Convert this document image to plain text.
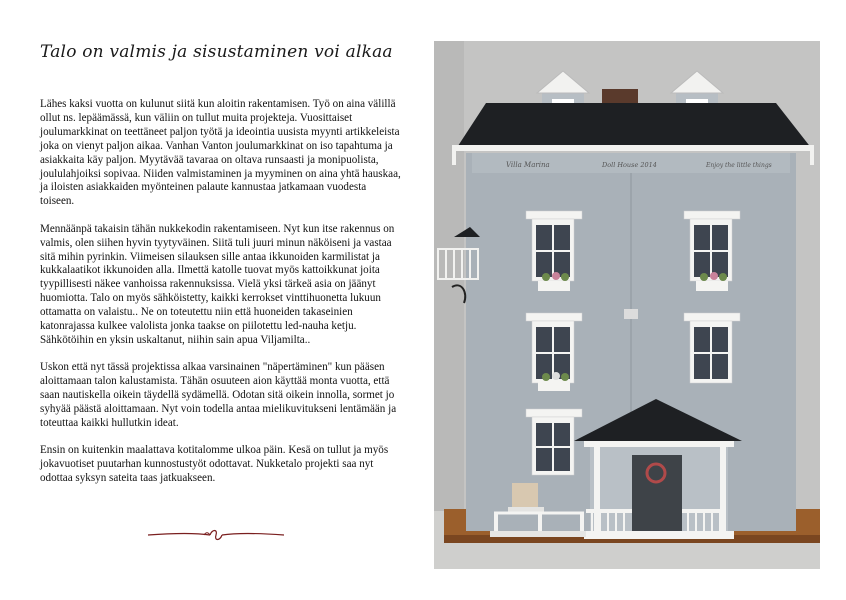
Talo on valmis ja sisustaminen voi alkaa

Lähes kaksi vuotta on kulunut siitä kun aloitin rakentamisen. Työ on aina välillä ollut ns. lepäämässä, kun väliin on tullut muita projekteja. Vuosittaiset joulumarkkinat on teettäneet paljon työtä ja ideointia uusista myynti artikkeleista joka on vienyt paljon aikaa. Vanhan Vanton joulumarkkinat on iso tapahtuma ja asiakkaita käy paljon. Myytävää tavaraa on oltava runsaasti ja monipuolista, joululahjoiksi sopivaa. Niiden valmistaminen ja myyminen on aina yhtä hauskaa, ja iloisten asiakkaiden myönteinen palaute kannustaa jatkamaan vuodesta toiseen.

Mennäänpä takaisin tähän nukkekodin rakentamiseen. Nyt kun itse rakennus on valmis, olen siihen hyvin tyytyväinen. Siitä tuli juuri minun näköiseni ja vastaa sitä mihin pyrinkin. Viimeisen silauksen sille antaa ikkunoiden karmilistat ja kukkalaatikot ikkunoiden alla. Ilmettä katolle tuovat myös kattoikkunat joita tyypillisesti näkee vanhoissa rakennuksissa. Vielä yksi tärkeä asia on jäänyt huomiotta. Talo on myös sähköistetty, kaikki kerrokset vinttihuonetta lukuun ottamatta on valaistu.. Ne on toteutettu niin että huoneiden takaseinien katonrajassa kulkee valolista jonka taakse on piilotettu led-nauha ketju. Sähkötöihin en yksin uskaltanut, niihin sain apua Viljamilta..

Uskon että nyt tässä projektissa alkaa varsinainen "näpertäminen" kun pääsen aloittamaan talon kalustamista. Tähän osuuteen aion käyttää monta vuotta, että saan nautiskella oikein täydellä sydämellä. Odotan sitä oikein innolla, sormet jo syhyää päästä aloittamaan. Nyt voin todella antaa mielikuvitukseni lentämään ja toteuttaa kaikki hullutkin ideat.

Ensin on kuitenkin maalattava kotitalomme ulkoa päin. Kesä on tullut ja myös jokavuotiset puutarhan kunnostustyöt odottavat. Nukketalo projekti saa nyt odottaa syksyn sateita taas jatkuakseen.

Villa Marina	Doll House 2014	Enjoy the little things
